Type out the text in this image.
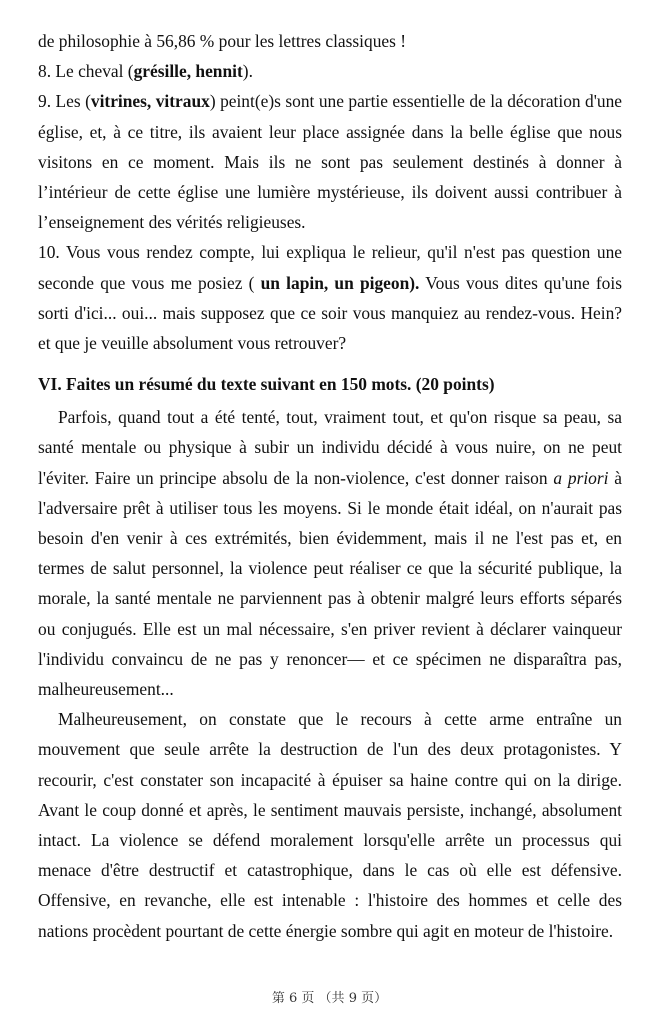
de philosophie à 56,86 % pour les lettres classiques !

8. Le cheval (grésille, hennit).

9. Les (vitrines, vitraux) peint(e)s sont une partie essentielle de la décoration d'une église, et, à ce titre, ils avaient leur place assignée dans la belle église que nous visitons en ce moment. Mais ils ne sont pas seulement destinés à donner à l’intérieur de cette église une lumière mystérieuse, ils doivent aussi contribuer à l’enseignement des vérités religieuses.

10. Vous vous rendez compte, lui expliqua le relieur, qu'il n'est pas question une seconde que vous me posiez ( un lapin, un pigeon). Vous vous dites qu'une fois sorti d'ici... oui... mais supposez que ce soir vous manquiez au rendez-vous. Hein? et que je veuille absolument vous retrouver?

VI. Faites un résumé du texte suivant en 150 mots. (20 points)

Parfois, quand tout a été tenté, tout, vraiment tout, et qu'on risque sa peau, sa santé mentale ou physique à subir un individu décidé à vous nuire, on ne peut l'éviter. Faire un principe absolu de la non-violence, c'est donner raison a priori à l'adversaire prêt à utiliser tous les moyens. Si le monde était idéal, on n'aurait pas besoin d'en venir à ces extrémités, bien évidemment, mais il ne l'est pas et, en termes de salut personnel, la violence peut réaliser ce que la sécurité publique, la morale, la santé mentale ne parviennent pas à obtenir malgré leurs efforts séparés ou conjugués. Elle est un mal nécessaire, s'en priver revient à déclarer vainqueur l'individu convaincu de ne pas y renoncer— et ce spécimen ne disparaîtra pas, malheureusement...

Malheureusement, on constate que le recours à cette arme entraîne un mouvement que seule arrête la destruction de l'un des deux protagonistes. Y recourir, c'est constater son incapacité à épuiser sa haine contre qui on la dirige. Avant le coup donné et après, le sentiment mauvais persiste, inchangé, absolument intact. La violence se défend moralement lorsqu'elle arrête un processus qui menace d'être destructif et catastrophique, dans le cas où elle est défensive. Offensive, en revanche, elle est intenable : l'histoire des hommes et celle des nations procèdent pourtant de cette énergie sombre qui agit en moteur de l'histoire.

第 6 页 （共 9 页）
